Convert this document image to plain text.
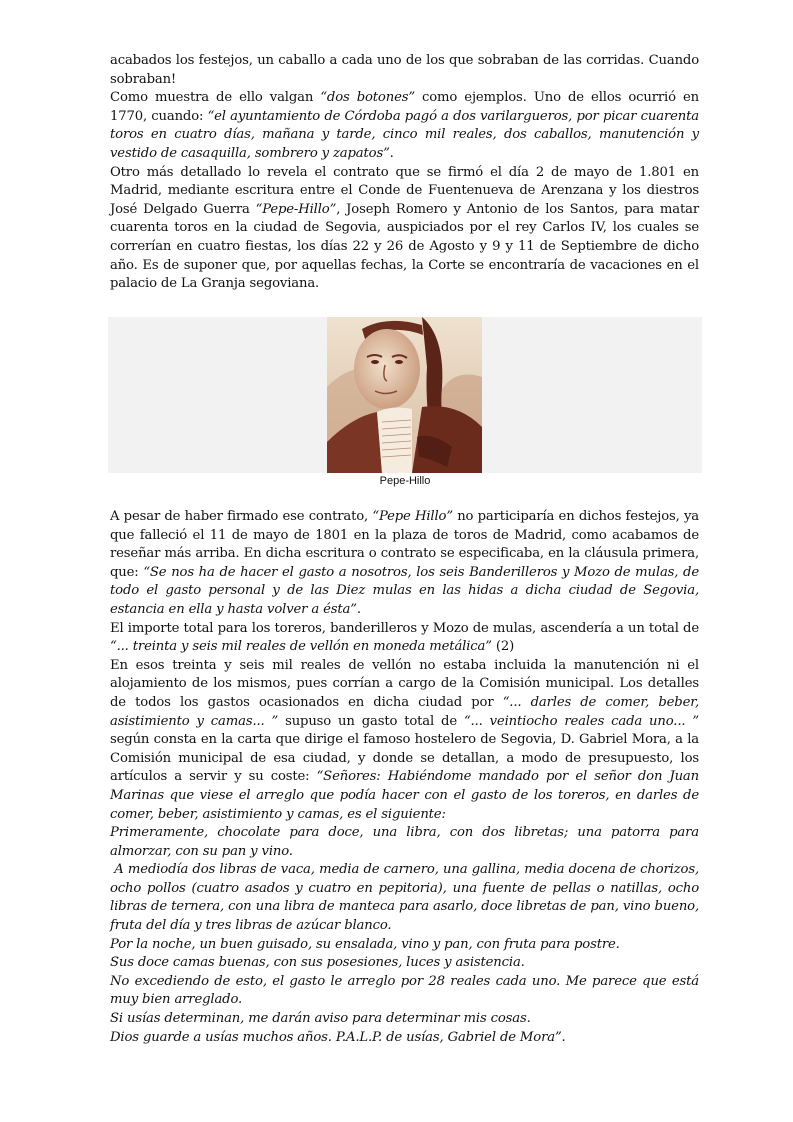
acabados los festejos, un caballo a cada uno de los que sobraban de las corridas. Cuando sobraban!

Como muestra de ello valgan “dos botones” como ejemplos. Uno de ellos ocurrió en 1770, cuando: “el ayuntamiento de Córdoba pagó a dos varilargueros, por picar cuarenta toros en cuatro días, mañana y tarde, cinco mil reales, dos caballos, manutención y vestido de casaquilla, sombrero y zapatos”.

Otro más detallado lo revela el contrato que se firmó el día 2 de mayo de 1.801 en Madrid, mediante escritura entre el Conde de Fuentenueva de Arenzana y los diestros José Delgado Guerra “Pepe-Hillo”, Joseph Romero y Antonio de los Santos, para matar cuarenta toros en la ciudad de Segovia, auspiciados por el rey Carlos IV, los cuales se correrían en cuatro fiestas, los días 22 y 26 de Agosto y 9 y 11 de Septiembre de dicho año. Es de suponer que, por aquellas fechas, la Corte se encontraría de vacaciones en el palacio de La Granja segoviana.

Pepe-Hillo

A pesar de haber firmado ese contrato, “Pepe Hillo” no participaría en dichos festejos, ya que falleció el 11 de mayo de 1801 en la plaza de toros de Madrid, como acabamos de reseñar más arriba. En dicha escritura o contrato se especificaba, en la cláusula primera, que: “Se nos ha de hacer el gasto a nosotros, los seis Banderilleros y Mozo de mulas, de todo el gasto personal y de las Diez mulas en las hidas a dicha ciudad de Segovia, estancia en ella y hasta volver a ésta”.

El importe total para los toreros, banderilleros y Mozo de mulas, ascendería a un total de “... treinta y seis mil reales de vellón en moneda metálica” (2)

En esos treinta y seis mil reales de vellón no estaba incluida la manutención ni el alojamiento de los mismos, pues corrían a cargo de la Comisión municipal. Los detalles de todos los gastos ocasionados en dicha ciudad por “... darles de comer, beber, asistimiento y camas... ” supuso un gasto total de “... veintiocho reales cada uno... ” según consta en la carta que dirige el famoso hostelero de Segovia, D. Gabriel Mora, a la Comisión municipal de esa ciudad, y donde se detallan, a modo de presupuesto, los artículos a servir y su coste: “Señores: Habiéndome mandado por el señor don Juan Marinas que viese el arreglo que podía hacer con el gasto de los toreros, en darles de comer, beber, asistimiento y camas, es el siguiente:

Primeramente, chocolate para doce, una libra, con dos libretas; una patorra para almorzar, con su pan y vino.

A mediodía dos libras de vaca, media de carnero, una gallina, media docena de chorizos, ocho pollos (cuatro asados y cuatro en pepitoria), una fuente de pellas o natillas, ocho libras de ternera, con una libra de manteca para asarlo, doce libretas de pan, vino bueno, fruta del día y tres libras de azúcar blanco.

Por la noche, un buen guisado, su ensalada, vino y pan, con fruta para postre.

Sus doce camas buenas, con sus posesiones, luces y asistencia.

No excediendo de esto, el gasto le arreglo por 28 reales cada uno. Me parece que está muy bien arreglado.

Si usías determinan, me darán aviso para determinar mis cosas.

Dios guarde a usías muchos años. P.A.L.P. de usías, Gabriel de Mora”.
